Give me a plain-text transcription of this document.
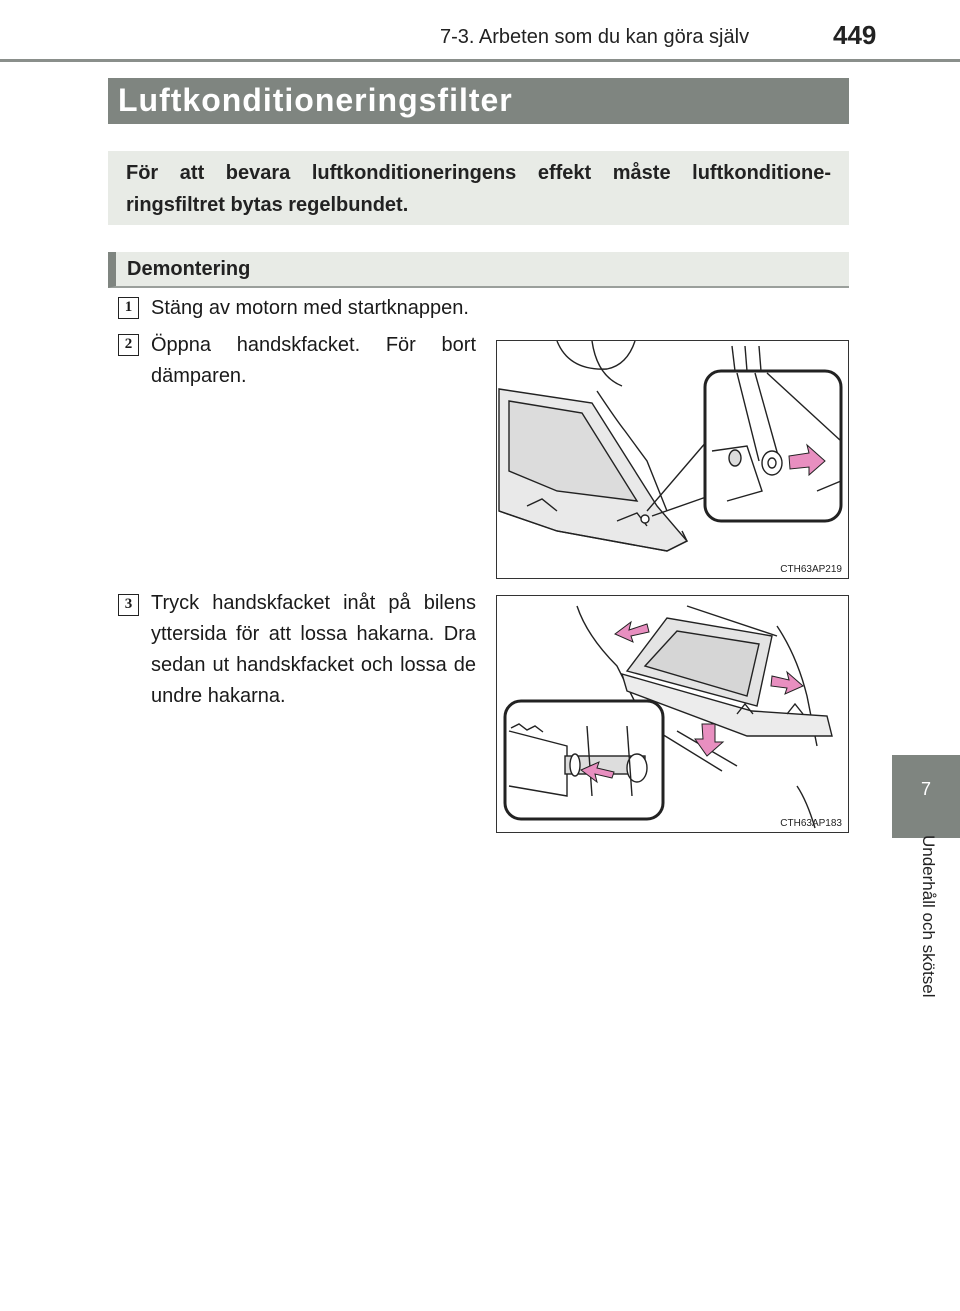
7-3. Arbeten som du kan göra själv	449
Luftkonditioneringsfilter
För att bevara luftkonditioneringens effekt måste luftkonditione-ringsfiltret bytas regelbundet.
Demontering
1 Stäng av motorn med startknappen.
2 Öppna handskfacket. För bort dämparen.
CTH63AP219
3 Tryck handskfacket inåt på bilens yttersida för att lossa hakarna. Dra sedan ut handskfacket och lossa de undre hakarna.
CTH63AP183
7
Underhåll och skötsel
